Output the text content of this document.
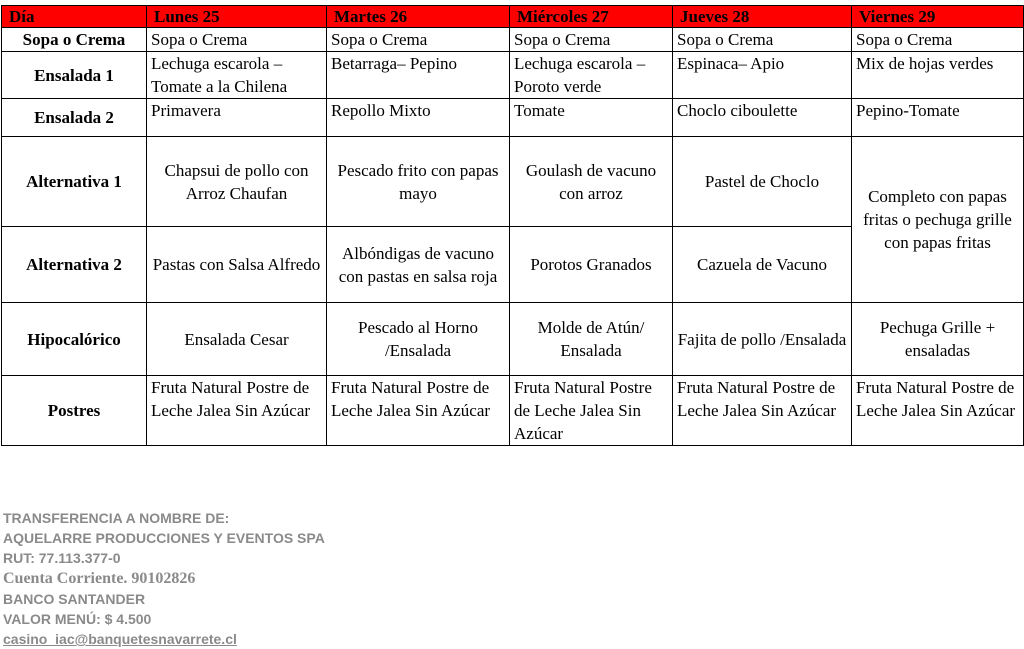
Día	Lunes 25	Martes 26	Miércoles 27	Jueves 28	Viernes 29
Sopa o Crema	Sopa o Crema	Sopa o Crema	Sopa o Crema	Sopa o Crema	Sopa o Crema
Ensalada 1	Lechuga escarola – Tomate a la Chilena	Betarraga– Pepino	Lechuga escarola – Poroto verde	Espinaca– Apio	Mix de hojas verdes
Ensalada 2	Primavera	Repollo Mixto	Tomate	Choclo ciboulette	Pepino-Tomate
Alternativa 1	Chapsui de pollo con Arroz Chaufan	Pescado frito con papas mayo	Goulash de vacuno con arroz	Pastel de Choclo	Completo con papas fritas o pechuga grille con papas fritas
Alternativa 2	Pastas con Salsa Alfredo	Albóndigas de vacuno con pastas en salsa roja	Porotos Granados	Cazuela de Vacuno	
Hipocalórico	Ensalada Cesar	Pescado al Horno /Ensalada	Molde de Atún/ Ensalada	Fajita de pollo /Ensalada	Pechuga Grille + ensaladas
Postres	Fruta Natural Postre de Leche Jalea Sin Azúcar	Fruta Natural Postre de Leche Jalea Sin Azúcar	Fruta Natural Postre de Leche Jalea Sin Azúcar	Fruta Natural Postre de Leche Jalea Sin Azúcar	Fruta Natural Postre de Leche Jalea Sin Azúcar
TRANSFERENCIA A NOMBRE DE:
AQUELARRE PRODUCCIONES Y EVENTOS SPA
RUT: 77.113.377-0
Cuenta Corriente. 90102826
BANCO SANTANDER
VALOR MENÚ: $ 4.500
casino_iac@banquetesnavarrete.cl
